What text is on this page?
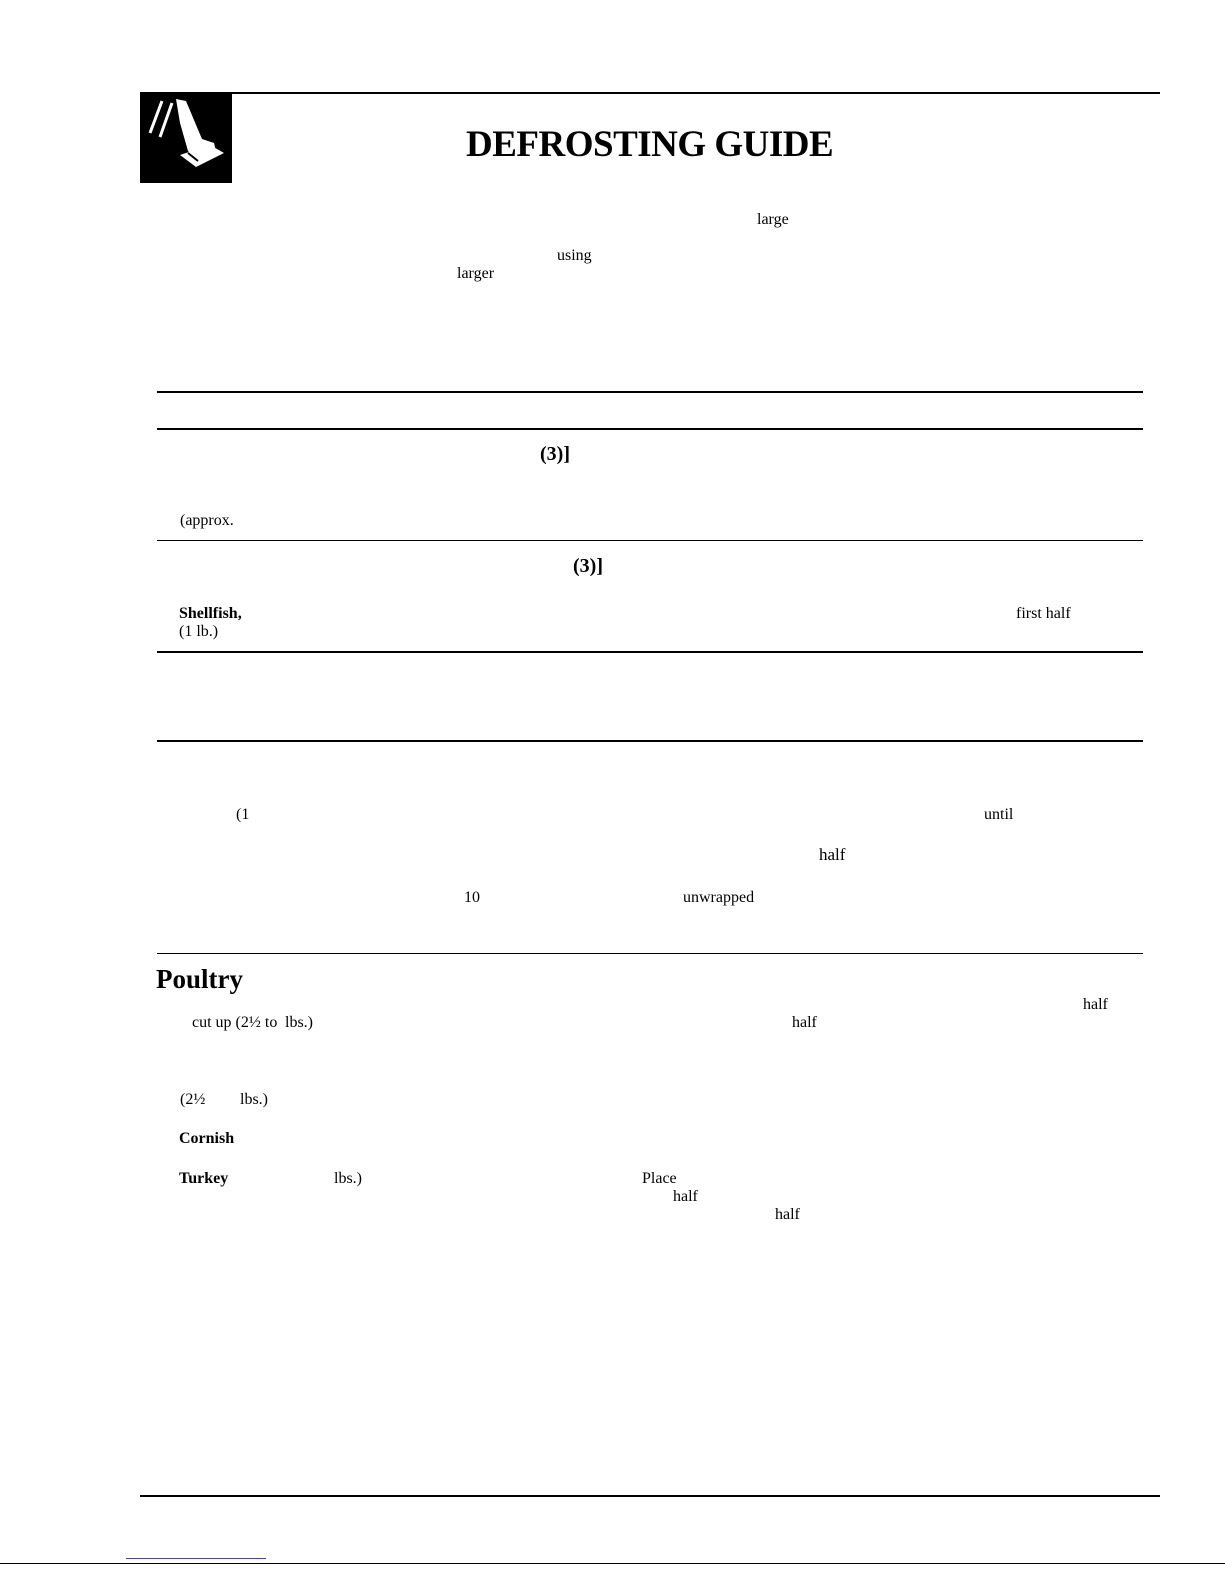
DEFROSTING GUIDE
large
using
larger
(3)]
(approx.
(3)]
Shellfish,	first half
(1 lb.)
(1	until
half
10	unwrapped
Poultry
half
cut up (2½ to lbs.)	half
(2½ lbs.)
Cornish
Turkey	lbs.)	Place
half
half
